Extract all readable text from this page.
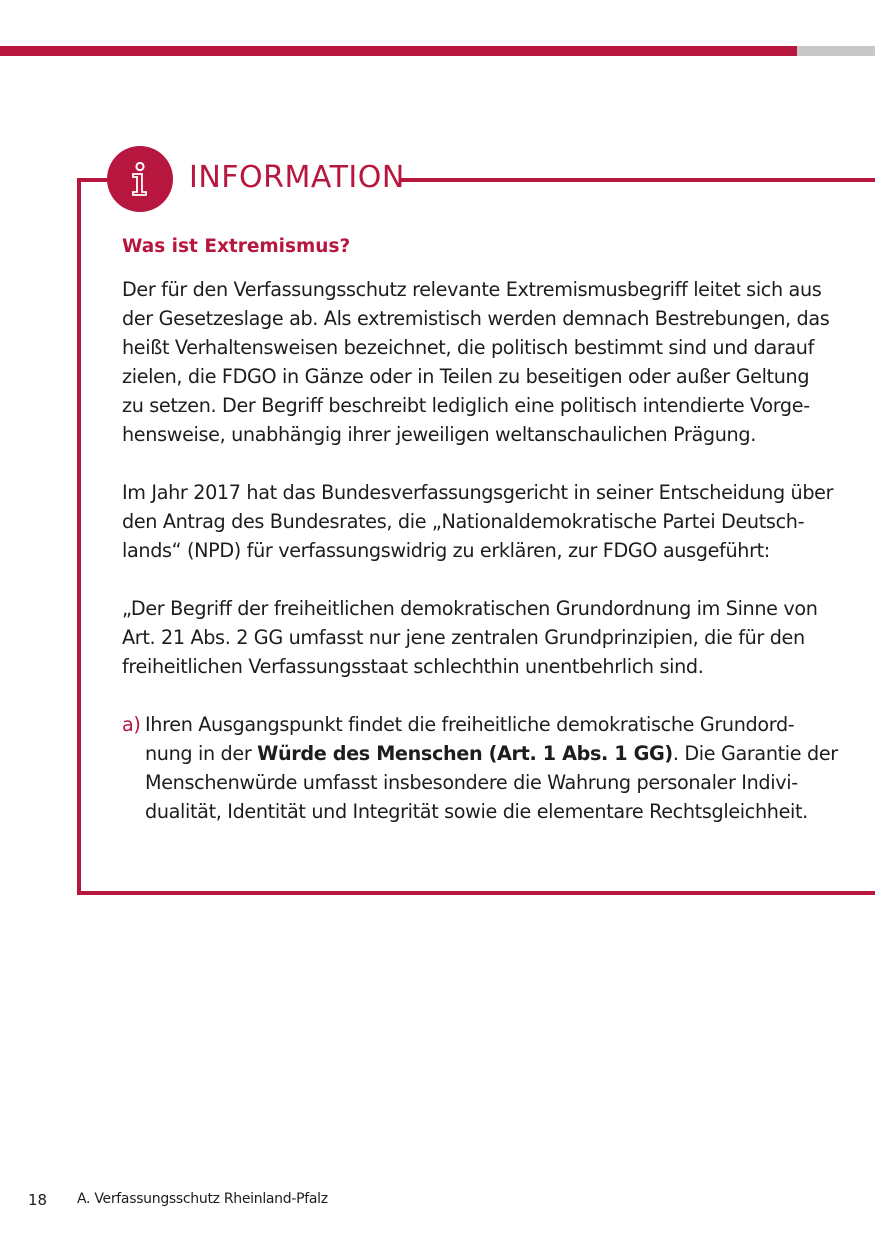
INFORMATION
Was ist Extremismus?
Der für den Verfassungsschutz relevante Extremismusbegriff leitet sich aus
der Gesetzeslage ab. Als extremistisch werden demnach Bestrebungen, das
heißt Verhaltensweisen bezeichnet, die politisch bestimmt sind und darauf
zielen, die FDGO in Gänze oder in Teilen zu beseitigen oder außer Geltung
zu setzen. Der Begriff beschreibt lediglich eine politisch intendierte Vorge-
hensweise, unabhängig ihrer jeweiligen weltanschaulichen Prägung.
Im Jahr 2017 hat das Bundesverfassungsgericht in seiner Entscheidung über
den Antrag des Bundesrates, die „Nationaldemokratische Partei Deutsch-
lands“ (NPD) für verfassungswidrig zu erklären, zur FDGO ausgeführt:
„Der Begriff der freiheitlichen demokratischen Grundordnung im Sinne von
Art. 21 Abs. 2 GG umfasst nur jene zentralen Grundprinzipien, die für den
freiheitlichen Verfassungsstaat schlechthin unentbehrlich sind.
a) Ihren Ausgangspunkt findet die freiheitliche demokratische Grundord-
nung in der Würde des Menschen (Art. 1 Abs. 1 GG). Die Garantie der
Menschenwürde umfasst insbesondere die Wahrung personaler Indivi-
dualität, Identität und Integrität sowie die elementare Rechtsgleichheit.
18 A. Verfassungsschutz Rheinland-Pfalz
